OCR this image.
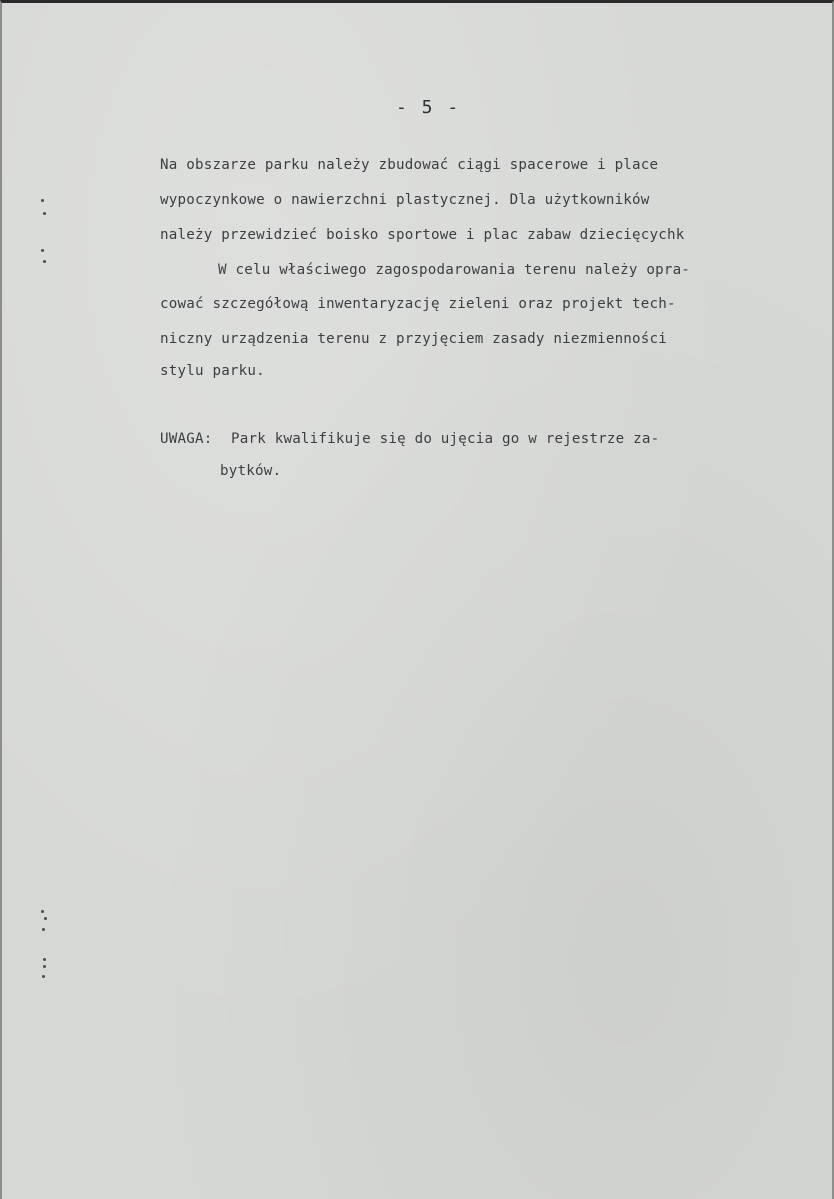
- 5 -
Na obszarze parku należy zbudować ciągi spacerowe i place
wypoczynkowe o nawierzchni plastycznej. Dla użytkowników
należy przewidzieć boisko sportowe i plac zabaw dziecięcychk
W celu właściwego zagospodarowania terenu należy opra-
cować szczegółową inwentaryzację zieleni oraz projekt tech-
niczny urządzenia terenu z przyjęciem zasady niezmienności
stylu parku.
UWAGA: Park kwalifikuje się do ujęcia go w rejestrze za-
bytków.
